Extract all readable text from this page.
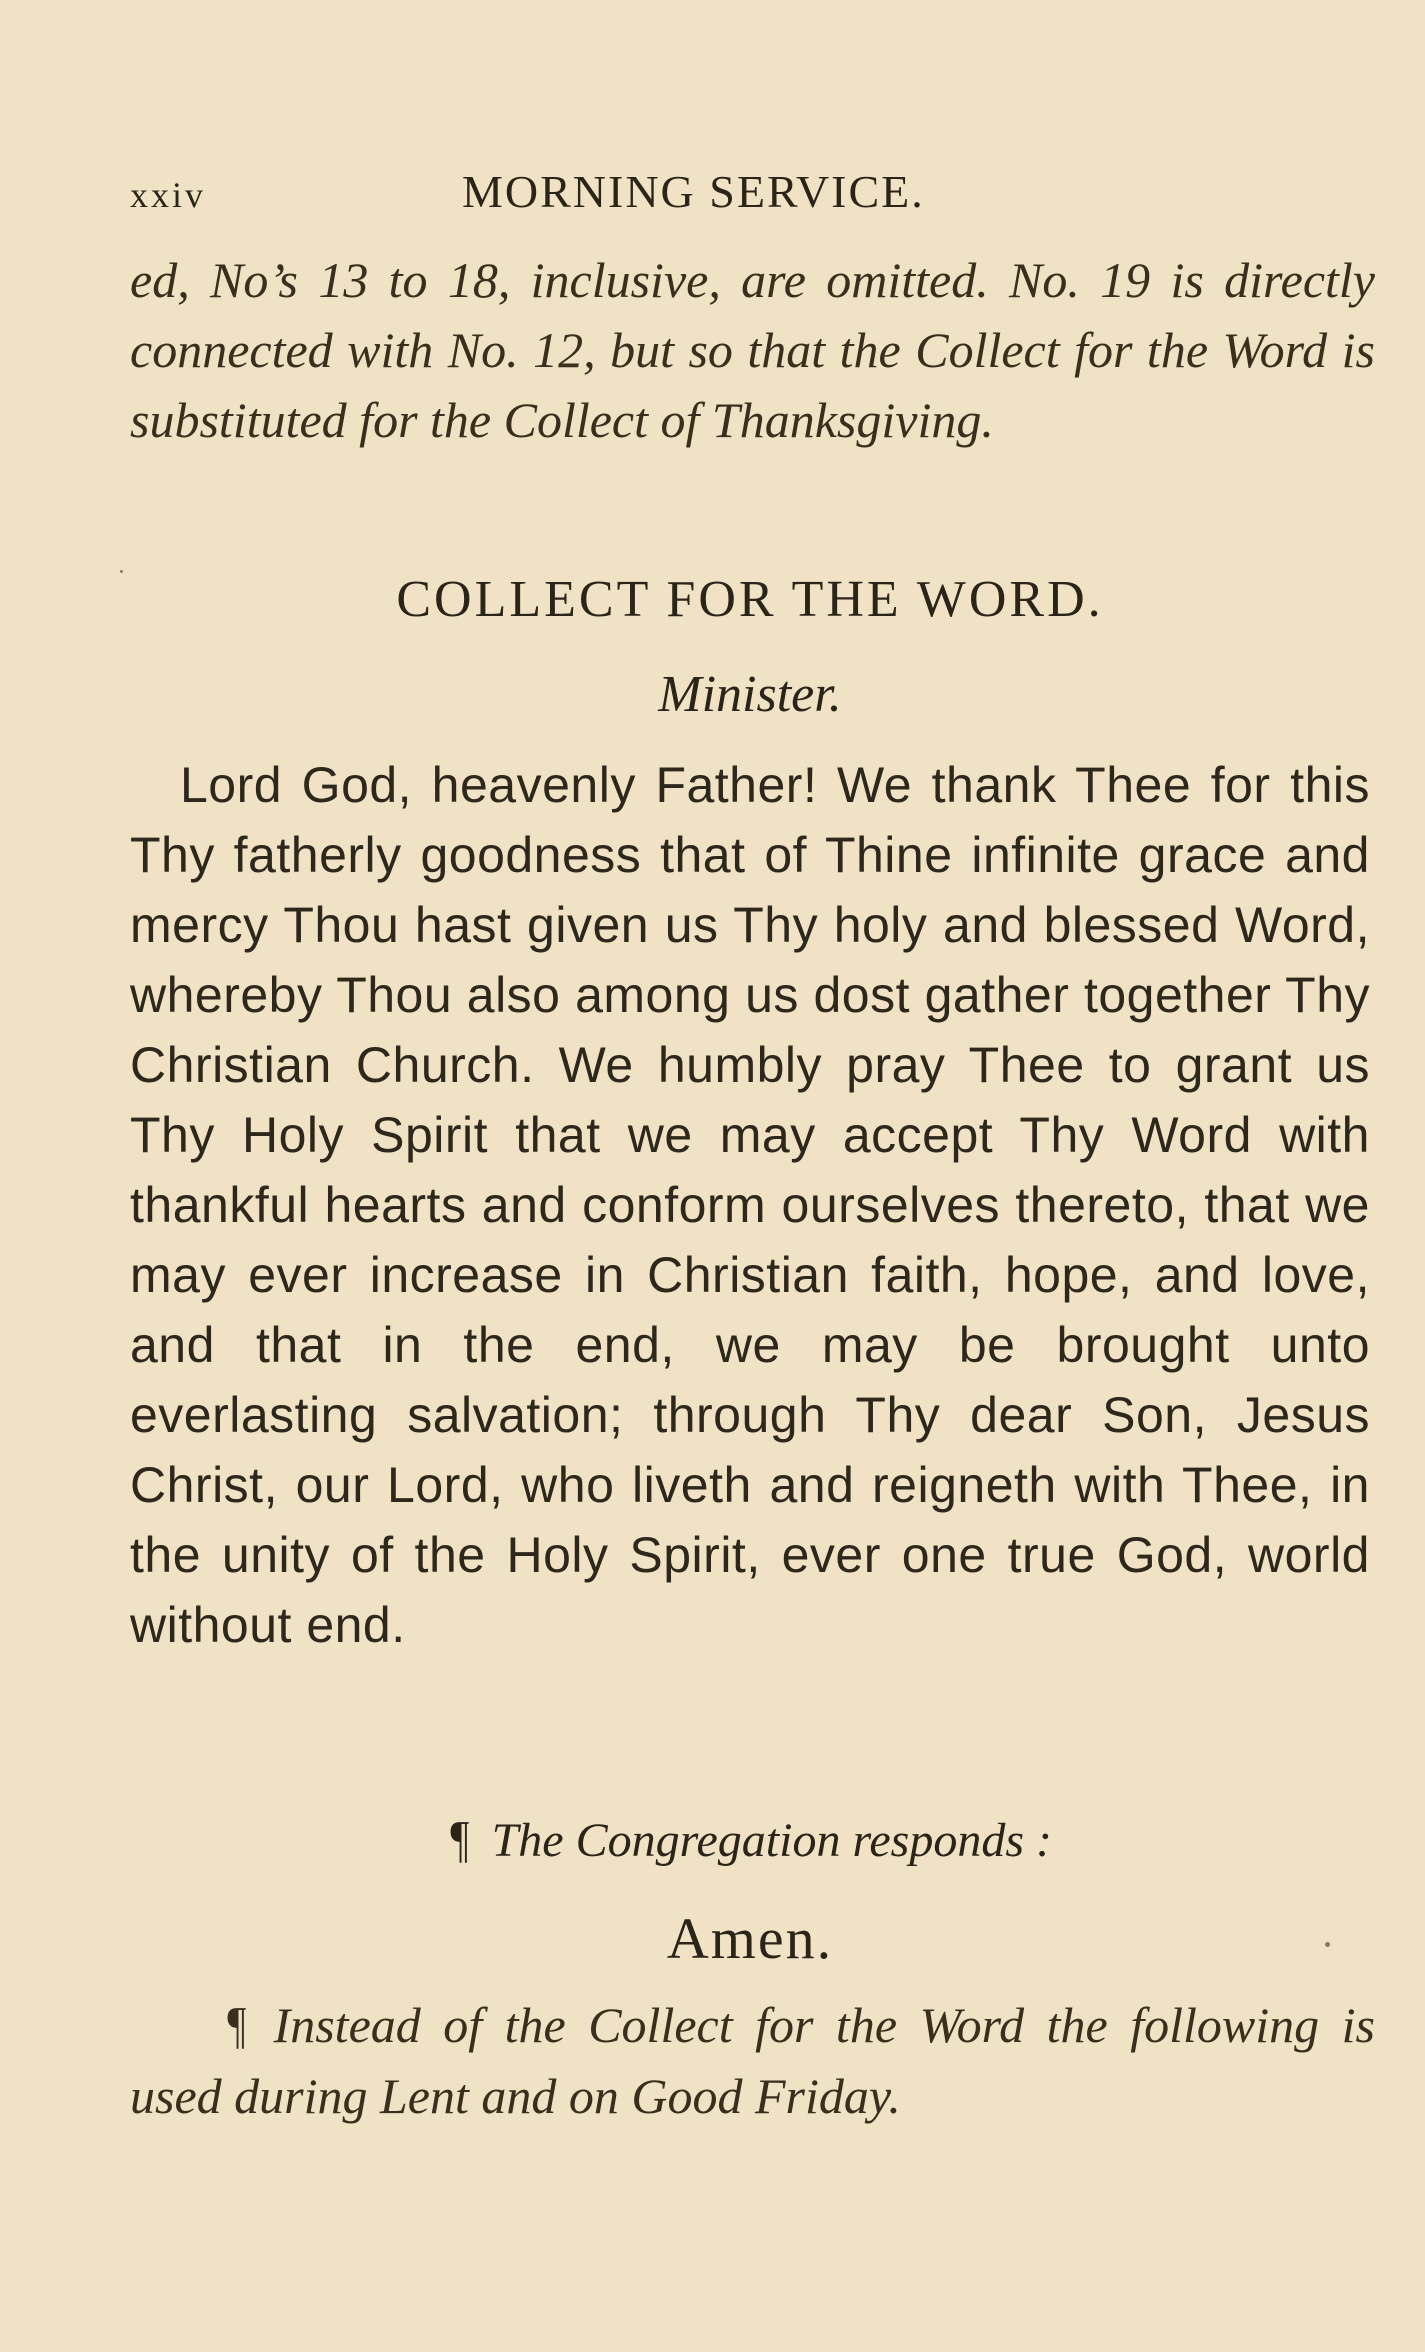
xxiv	MORNING SERVICE.
ed, No’s 13 to 18, inclusive, are omitted. No. 19 is directly connected with No. 12, but so that the Collect for the Word is substituted for the Collect of Thanksgiving.
COLLECT FOR THE WORD.
Minister.
Lord God, heavenly Father! We thank Thee for this Thy fatherly goodness that of Thine infinite grace and mercy Thou hast given us Thy holy and blessed Word, whereby Thou also among us dost gather together Thy Christian Church. We humbly pray Thee to grant us Thy Holy Spirit that we may accept Thy Word with thankful hearts and conform ourselves thereto, that we may ever increase in Christian faith, hope, and love, and that in the end, we may be brought unto everlasting salvation; through Thy dear Son, Jesus Christ, our Lord, who liveth and reigneth with Thee, in the unity of the Holy Spirit, ever one true God, world without end.
¶ The Congregation responds :
Amen.
¶ Instead of the Collect for the Word the following is used during Lent and on Good Friday.
